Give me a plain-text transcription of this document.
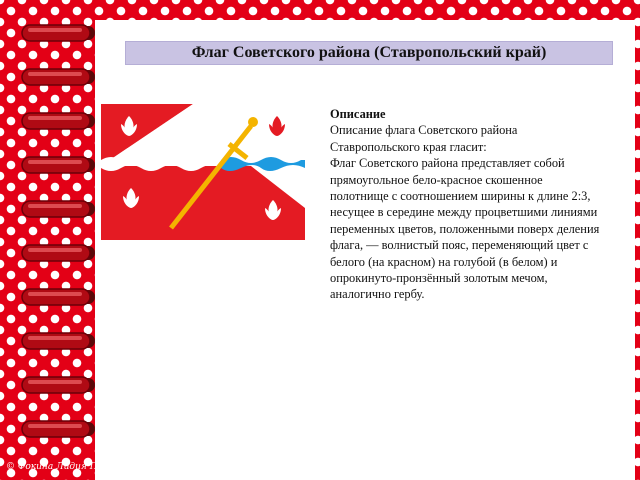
Флаг Советского района (Ставропольский край)
Описание
Описание флага Советского района Ставропольского края гласит:
Флаг Советского района представляет собой прямоугольное бело-красное скошенное полотнище с соотношением ширины к длине 2:3, несущее в середине между процветшими линиями переменных цветов, положенными поверх деления флага, — волнистый пояс, переменяющий цвет с белого (на красном) на голубой (в белом) и опрокинуто-пронзённый золотым мечом, аналогично гербу.
© Фокина Лидия Петровна
